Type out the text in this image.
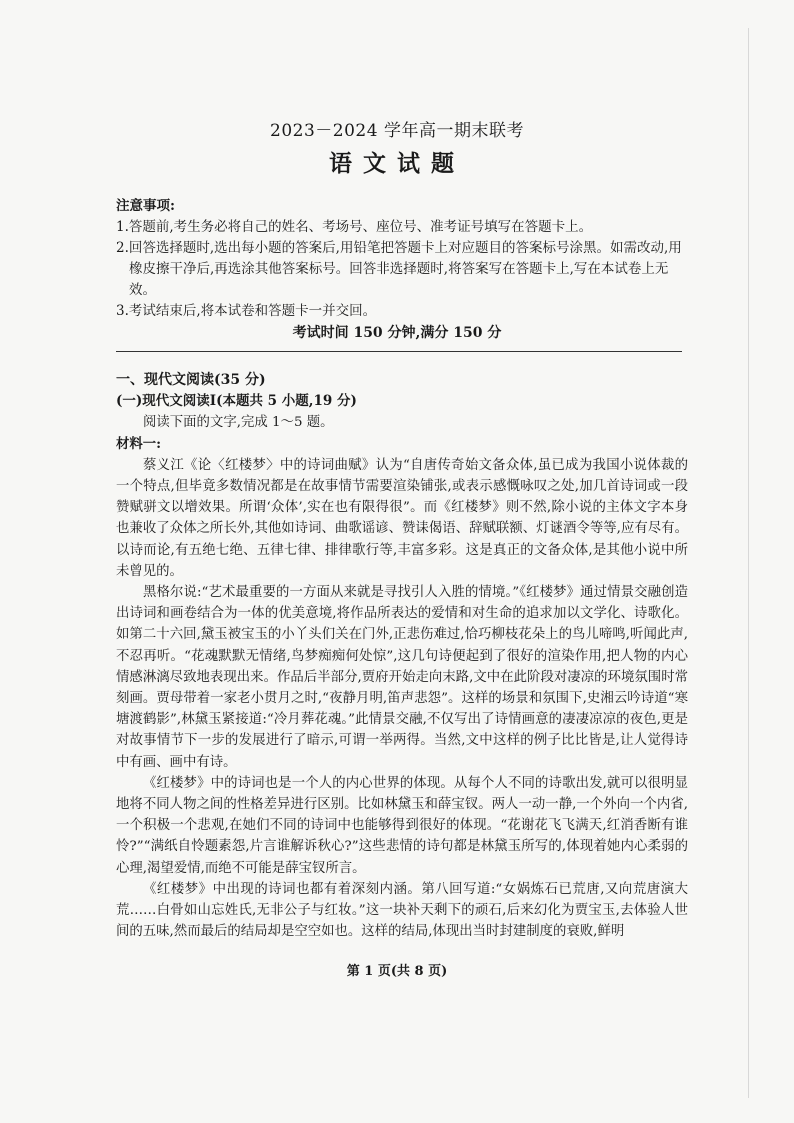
2023－2024 学年高一期末联考
语文试题
注意事项:
1.答题前,考生务必将自己的姓名、考场号、座位号、准考证号填写在答题卡上。
2.回答选择题时,选出每小题的答案后,用铅笔把答题卡上对应题目的答案标号涂黑。如需改动,用橡皮擦干净后,再选涂其他答案标号。回答非选择题时,将答案写在答题卡上,写在本试卷上无效。
3.考试结束后,将本试卷和答题卡一并交回。
考试时间 150 分钟,满分 150 分
一、现代文阅读(35 分)
(一)现代文阅读Ⅰ(本题共 5 小题,19 分)

阅读下面的文字,完成 1～5 题。

材料一:

蔡义江《论〈红楼梦〉中的诗词曲赋》认为“自唐传奇始文备众体,虽已成为我国小说体裁的一个特点,但毕竟多数情况都是在故事情节需要渲染铺张,或表示感慨咏叹之处,加几首诗词或一段赞赋骈文以增效果。所谓‘众体’,实在也有限得很”。而《红楼梦》则不然,除小说的主体文字本身也兼收了众体之所长外,其他如诗词、曲歌谣谚、赞诔偈语、辞赋联额、灯谜酒令等等,应有尽有。以诗而论,有五绝七绝、五律七律、排律歌行等,丰富多彩。这是真正的文备众体,是其他小说中所未曾见的。

黑格尔说:“艺术最重要的一方面从来就是寻找引人入胜的情境。”《红楼梦》通过情景交融创造出诗词和画卷结合为一体的优美意境,将作品所表达的爱情和对生命的追求加以文学化、诗歌化。如第二十六回,黛玉被宝玉的小丫头们关在门外,正悲伤难过,恰巧柳枝花朵上的鸟儿啼鸣,听闻此声,不忍再听。“花魂默默无情绪,鸟梦痴痴何处惊”,这几句诗便起到了很好的渲染作用,把人物的内心情感淋漓尽致地表现出来。作品后半部分,贾府开始走向末路,文中在此阶段对凄凉的环境氛围时常刻画。贾母带着一家老小贯月之时,“夜静月明,笛声悲怨”。这样的场景和氛围下,史湘云吟诗道“寒塘渡鹤影”,林黛玉紧接道:“冷月葬花魂。”此情景交融,不仅写出了诗情画意的凄凄凉凉的夜色,更是对故事情节下一步的发展进行了暗示,可谓一举两得。当然,文中这样的例子比比皆是,让人觉得诗中有画、画中有诗。

《红楼梦》中的诗词也是一个人的内心世界的体现。从每个人不同的诗歌出发,就可以很明显地将不同人物之间的性格差异进行区别。比如林黛玉和薛宝钗。两人一动一静,一个外向一个内省,一个积极一个悲观,在她们不同的诗词中也能够得到很好的体现。“花谢花飞飞满天,红消香断有谁怜?”“满纸自怜题素怨,片言谁解诉秋心?”这些悲情的诗句都是林黛玉所写的,体现着她内心柔弱的心理,渴望爱情,而绝不可能是薛宝钗所言。

《红楼梦》中出现的诗词也都有着深刻内涵。第八回写道:“女娲炼石已荒唐,又向荒唐演大荒……白骨如山忘姓氏,无非公子与红妆。”这一块补天剩下的顽石,后来幻化为贾宝玉,去体验人世间的五味,然而最后的结局却是空空如也。这样的结局,体现出当时封建制度的衰败,鲜明

第 1 页(共 8 页)
